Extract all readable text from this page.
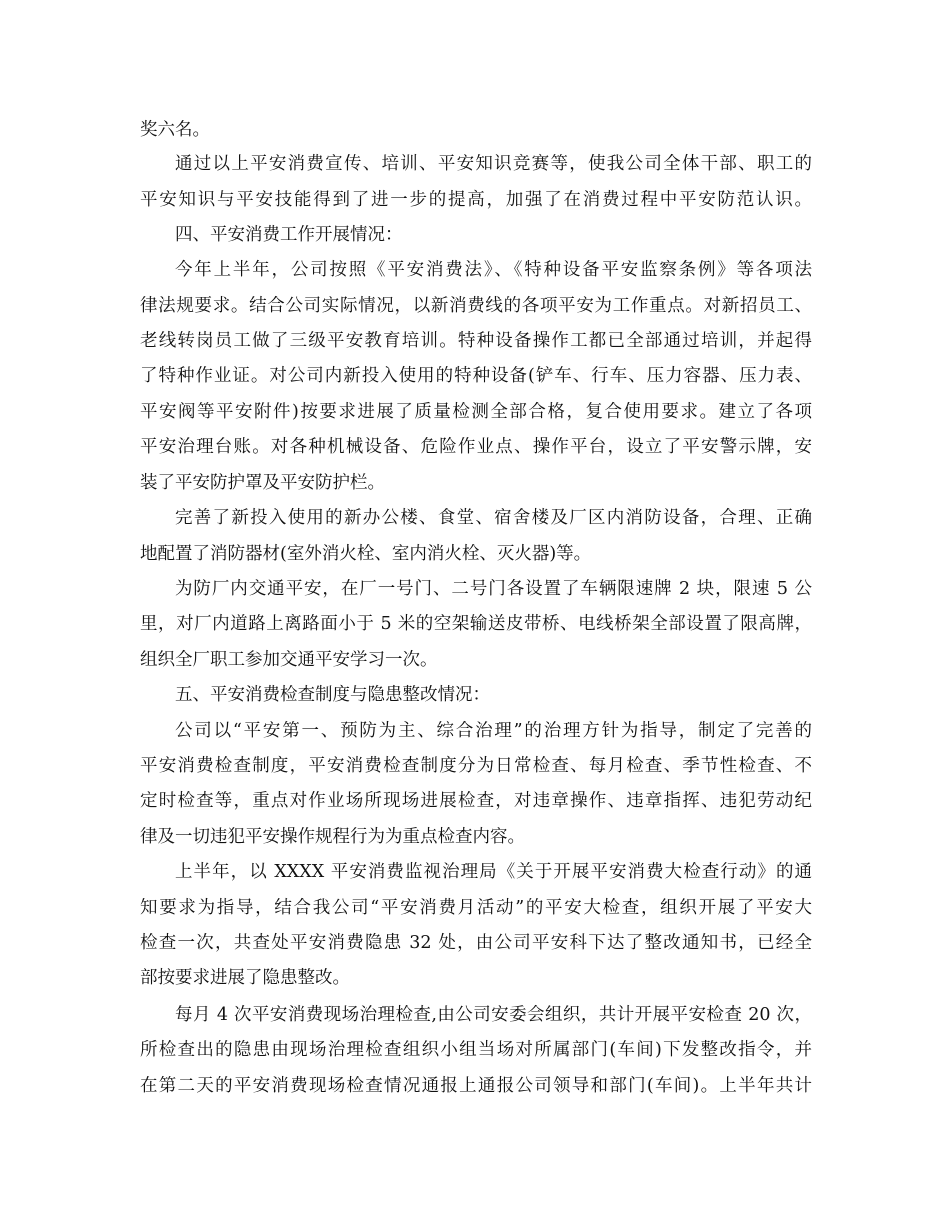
奖六名。
通过以上平安消费宣传、培训、平安知识竞赛等，使我公司全体干部、职工的
平安知识与平安技能得到了进一步的提高，加强了在消费过程中平安防范认识。
四、平安消费工作开展情况：
今年上半年，公司按照《平安消费法》、《特种设备平安监察条例》等各项法
律法规要求。结合公司实际情况，以新消费线的各项平安为工作重点。对新招员工、
老线转岗员工做了三级平安教育培训。特种设备操作工都已全部通过培训，并起得
了特种作业证。对公司内新投入使用的特种设备(铲车、行车、压力容器、压力表、
平安阀等平安附件)按要求进展了质量检测全部合格，复合使用要求。建立了各项
平安治理台账。对各种机械设备、危险作业点、操作平台，设立了平安警示牌，安
装了平安防护罩及平安防护栏。
完善了新投入使用的新办公楼、食堂、宿舍楼及厂区内消防设备，合理、正确
地配置了消防器材(室外消火栓、室内消火栓、灭火器)等。
为防厂内交通平安，在厂一号门、二号门各设置了车辆限速牌 2 块，限速 5 公
里，对厂内道路上离路面小于 5 米的空架输送皮带桥、电线桥架全部设置了限高牌，
组织全厂职工参加交通平安学习一次。
五、平安消费检查制度与隐患整改情况：
公司以“平安第一、预防为主、综合治理”的治理方针为指导，制定了完善的
平安消费检查制度，平安消费检查制度分为日常检查、每月检查、季节性检查、不
定时检查等，重点对作业场所现场进展检查，对违章操作、违章指挥、违犯劳动纪
律及一切违犯平安操作规程行为为重点检查内容。
上半年，以 XXXX 平安消费监视治理局《关于开展平安消费大检查行动》的通
知要求为指导，结合我公司“平安消费月活动”的平安大检查，组织开展了平安大
检查一次，共查处平安消费隐患 32 处，由公司平安科下达了整改通知书，已经全
部按要求进展了隐患整改。
每月 4 次平安消费现场治理检查,由公司安委会组织，共计开展平安检查 20 次，
所检查出的隐患由现场治理检查组织小组当场对所属部门(车间)下发整改指令，并
在第二天的平安消费现场检查情况通报上通报公司领导和部门(车间)。上半年共计
